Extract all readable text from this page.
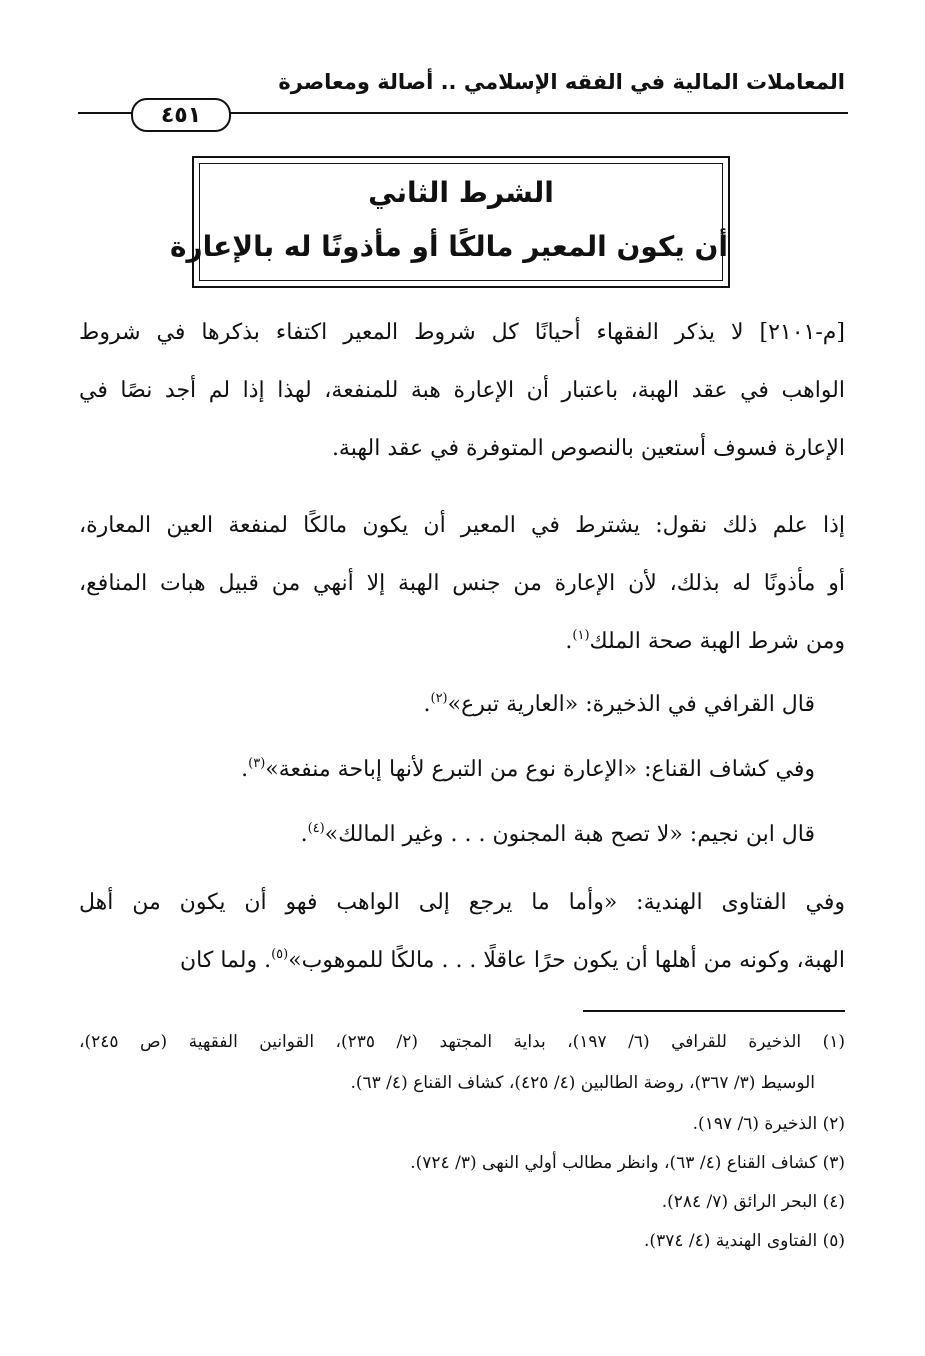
المعاملات المالية في الفقه الإسلامي .. أصالة ومعاصرة
٤٥١
الشرط الثاني
أن يكون المعير مالكًا أو مأذونًا له بالإعارة
[م-٢١٠١] لا يذكر الفقهاء أحيانًا كل شروط المعير اكتفاء بذكرها في شروط
الواهب في عقد الهبة، باعتبار أن الإعارة هبة للمنفعة، لهذا إذا لم أجد نصًا في
الإعارة فسوف أستعين بالنصوص المتوفرة في عقد الهبة.
إذا علم ذلك نقول: يشترط في المعير أن يكون مالكًا لمنفعة العين المعارة،
أو مأذونًا له بذلك، لأن الإعارة من جنس الهبة إلا أنهي من قبيل هبات المنافع،
ومن شرط الهبة صحة الملك$^{(١)}$.
قال القرافي في الذخيرة: «العارية تبرع»$^{(٢)}$.
وفي كشاف القناع: «الإعارة نوع من التبرع لأنها إباحة منفعة»$^{(٣)}$.
قال ابن نجيم: «لا تصح هبة المجنون . . . وغير المالك»$^{(٤)}$.
وفي الفتاوى الهندية: «وأما ما يرجع إلى الواهب فهو أن يكون من أهل
الهبة، وكونه من أهلها أن يكون حرًا عاقلًا . . . مالكًا للموهوب»$^{(٥)}$. ولما كان
(١) الذخيرة للقرافي (٦/ ١٩٧)، بداية المجتهد (٢/ ٢٣٥)، القوانين الفقهية (ص ٢٤٥)،
الوسيط (٣/ ٣٦٧)، روضة الطالبين (٤/ ٤٢٥)، كشاف القناع (٤/ ٦٣).
(٢) الذخيرة (٦/ ١٩٧).
(٣) كشاف القناع (٤/ ٦٣)، وانظر مطالب أولي النهى (٣/ ٧٢٤).
(٤) البحر الرائق (٧/ ٢٨٤).
(٥) الفتاوى الهندية (٤/ ٣٧٤).
